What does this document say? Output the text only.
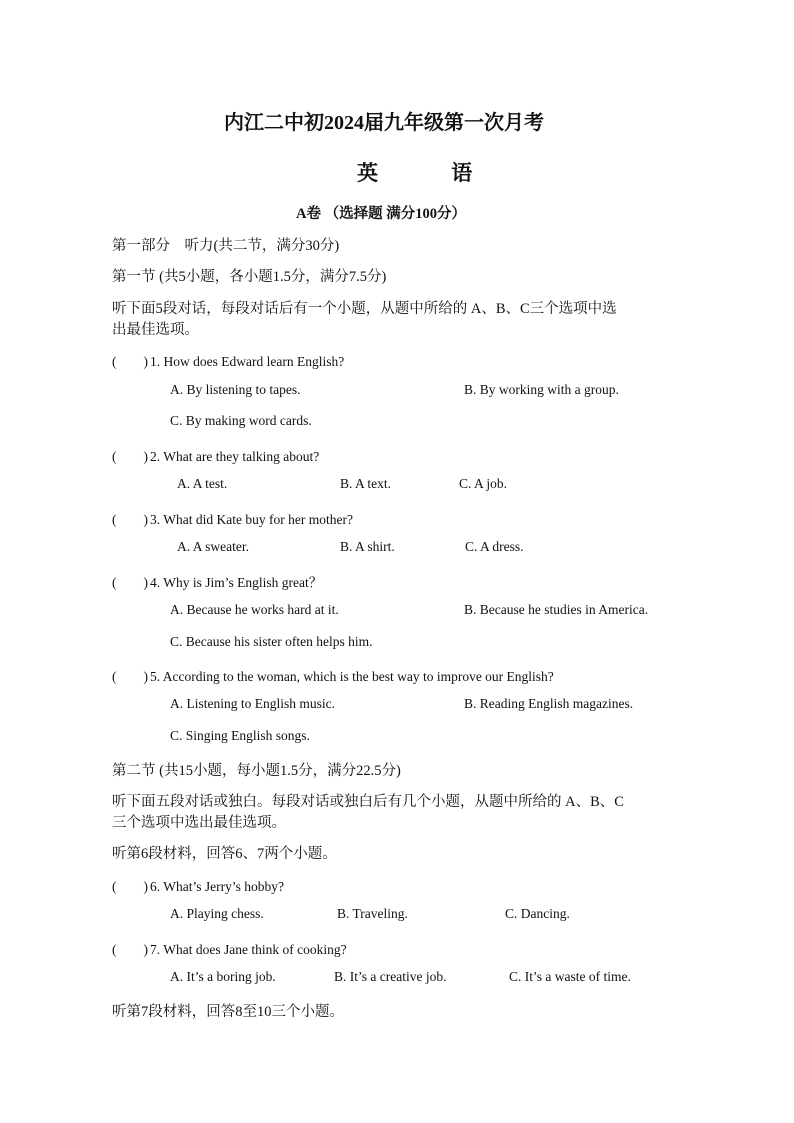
内江二中初2024届九年级第一次月考
英 语
A卷 （选择题 满分100分）
第一部分　听力(共二节，满分30分)
第一节 (共5小题，各小题1.5分，满分7.5分)
听下面5段对话，每段对话后有一个小题，从题中所给的 A、B、C三个选项中选
出最佳选项。
(　　) 1. How does Edward learn English?
A. By listening to tapes.	B. By working with a group.
C. By making word cards.
(　　) 2. What are they talking about?
A. A test.	B. A text.	C. A job.
(　　) 3. What did Kate buy for her mother?
A. A sweater.	B. A shirt.	C. A dress.
(　　) 4. Why is Jim’s English great？
A. Because he works hard at it.	B. Because he studies in America.
C. Because his sister often helps him.
(　　) 5. According to the woman, which is the best way to improve our English?
A. Listening to English music.	B. Reading English magazines.
C. Singing English songs.
第二节 (共15小题，每小题1.5分，满分22.5分)
听下面五段对话或独白。每段对话或独白后有几个小题，从题中所给的 A、B、C
三个选项中选出最佳选项。
听第6段材料，回答6、7两个小题。
(　　) 6. What’s Jerry’s hobby?
A. Playing chess.	B. Traveling.	C. Dancing.
(　　) 7. What does Jane think of cooking?
A. It’s a boring job.	B. It’s a creative job.	C. It’s a waste of time.
听第7段材料，回答8至10三个小题。
